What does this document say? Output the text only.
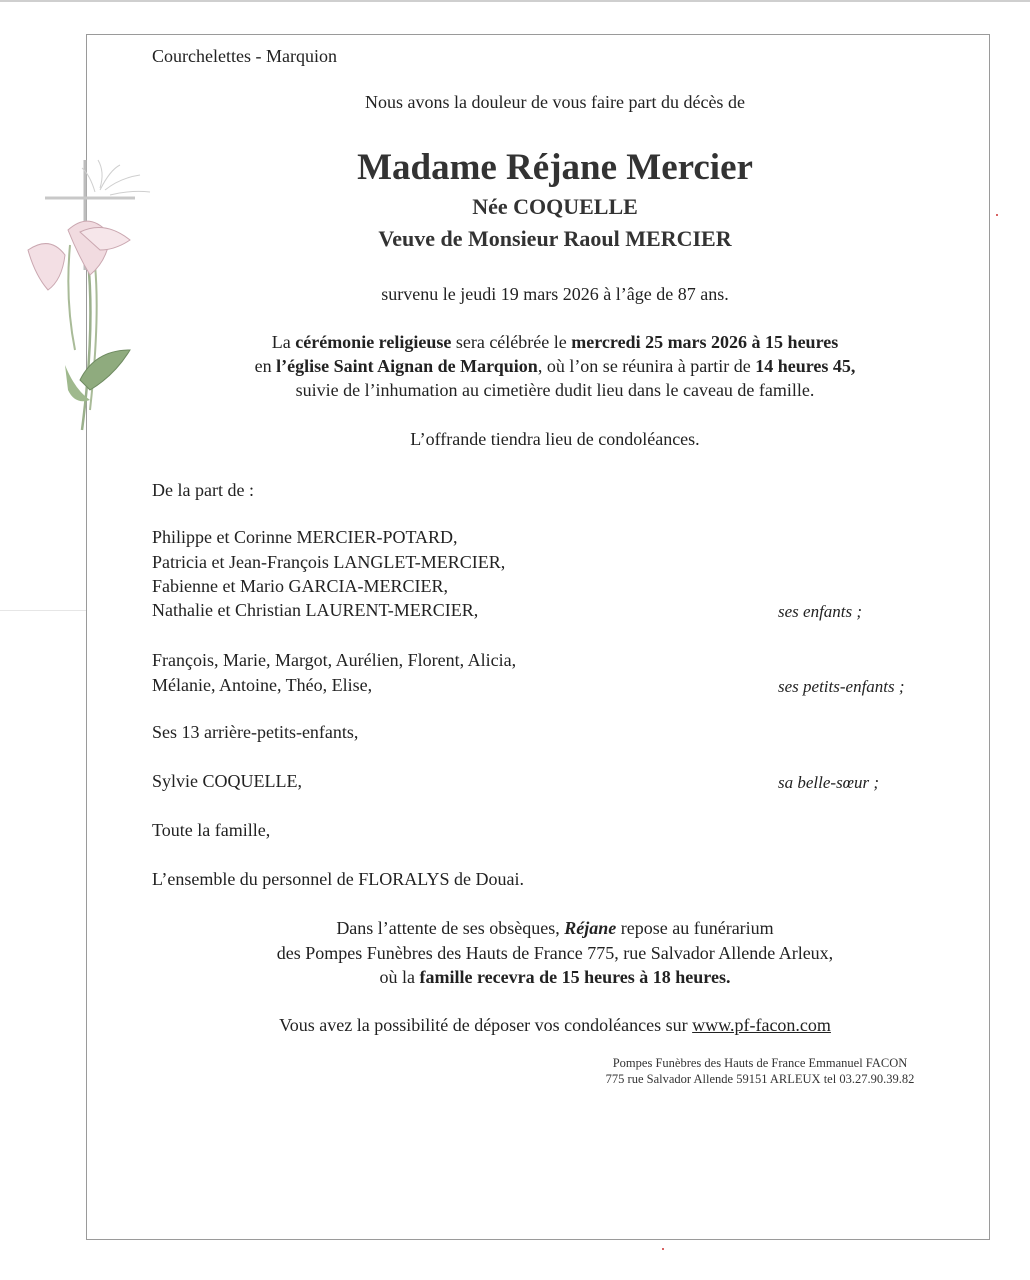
Courchelettes - Marquion
Nous avons la douleur de vous faire part du décès de
Madame Réjane Mercier
Née COQUELLE
Veuve de Monsieur Raoul MERCIER
survenu le jeudi 19 mars 2026 à l’âge de 87 ans.
La cérémonie religieuse sera célébrée le mercredi 25 mars 2026 à 15 heures
en l’église Saint Aignan de Marquion, où l’on se réunira à partir de 14 heures 45,
suivie de l’inhumation au cimetière dudit lieu dans le caveau de famille.
L’offrande tiendra lieu de condoléances.
De la part de :
Philippe et Corinne MERCIER-POTARD,
Patricia et Jean-François LANGLET-MERCIER,
Fabienne et Mario GARCIA-MERCIER,
Nathalie et Christian LAURENT-MERCIER,	ses enfants ;
François, Marie, Margot, Aurélien, Florent, Alicia,
Mélanie, Antoine, Théo, Elise,	ses petits-enfants ;
Ses 13 arrière-petits-enfants,
Sylvie COQUELLE,	sa belle-sœur ;
Toute la famille,
L’ensemble du personnel de FLORALYS de Douai.
Dans l’attente de ses obsèques, Réjane repose au funérarium
des Pompes Funèbres des Hauts de France 775, rue Salvador Allende Arleux,
où la famille recevra de 15 heures à 18 heures.
Vous avez la possibilité de déposer vos condoléances sur www.pf-facon.com
Pompes Funèbres des Hauts de France Emmanuel FACON
775 rue Salvador Allende 59151 ARLEUX tel 03.27.90.39.82
